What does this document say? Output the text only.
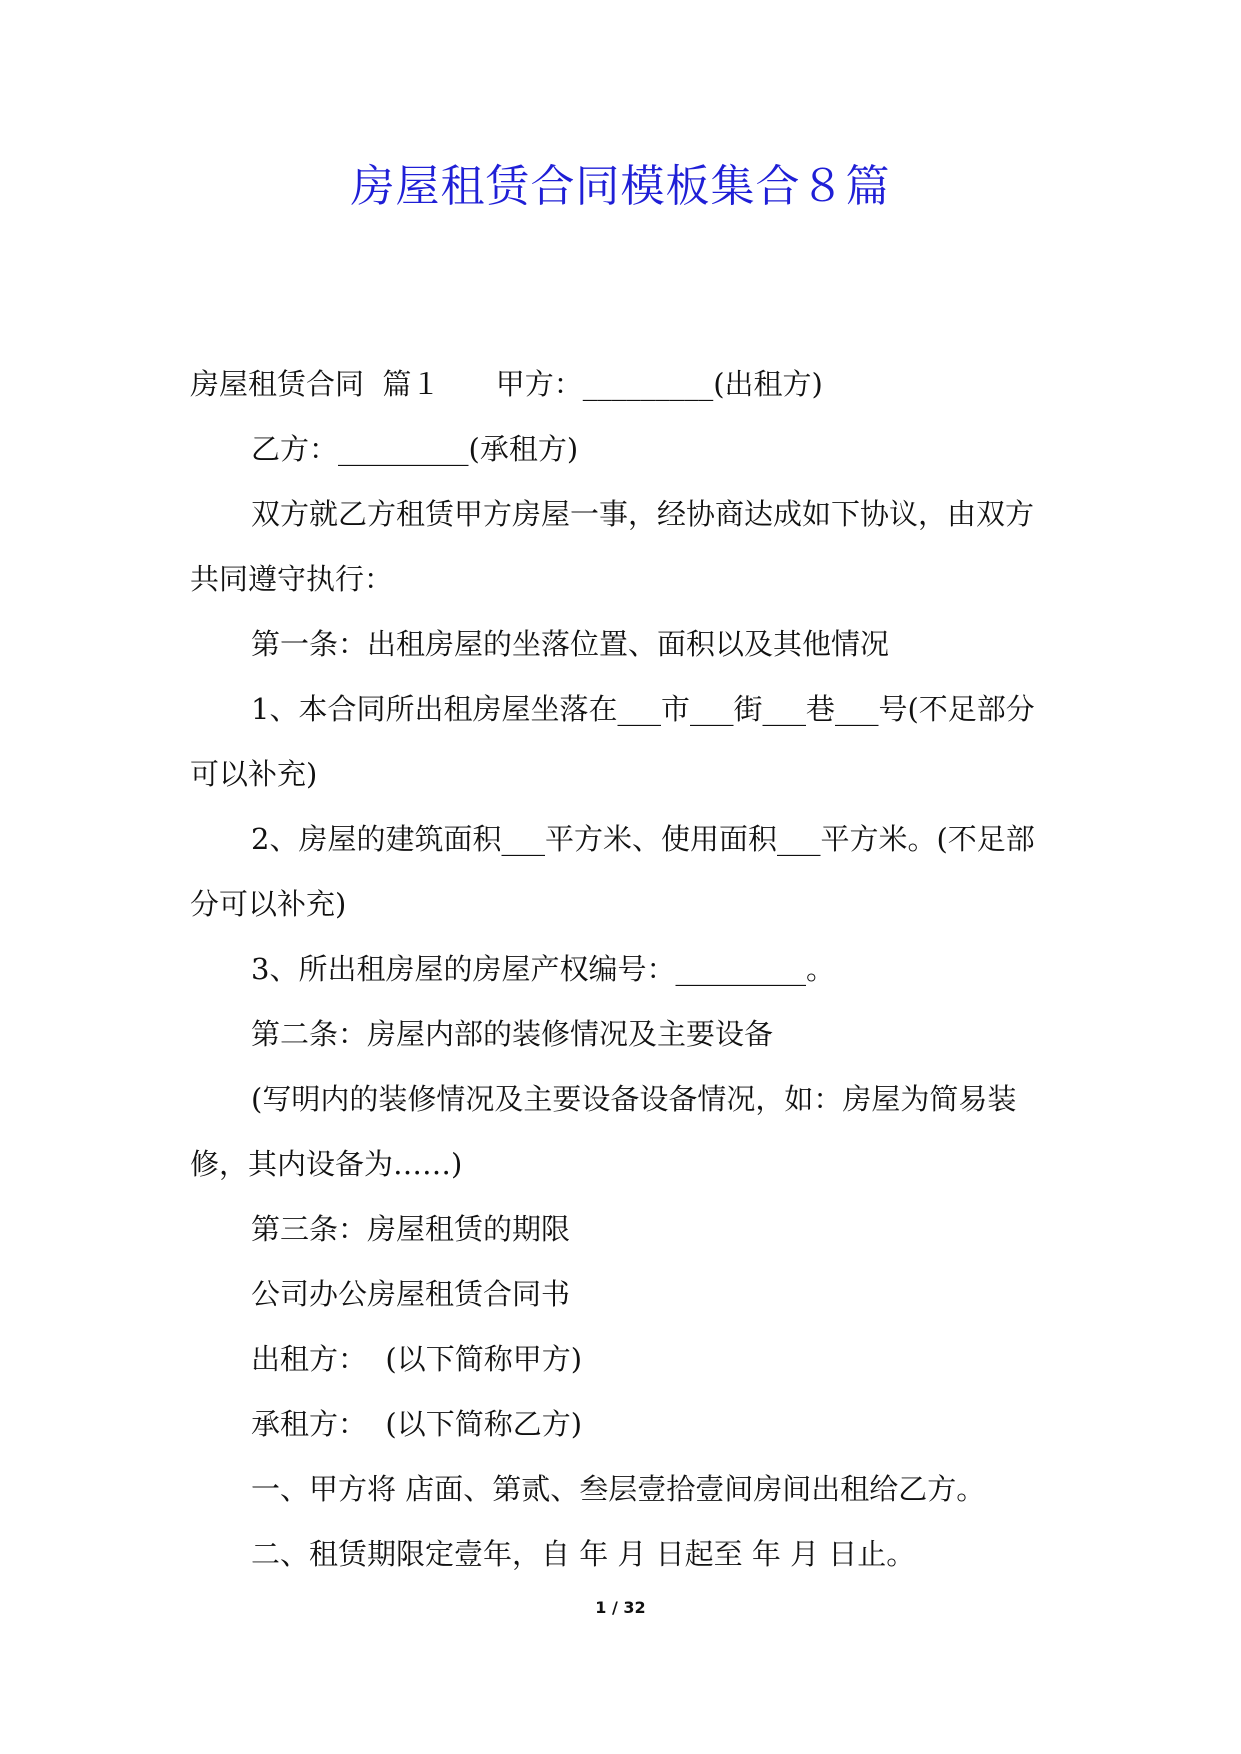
房屋租赁合同模板集合８篇

房屋租赁合同  篇１      甲方：_________(出租方)

乙方：_________(承租方)

双方就乙方租赁甲方房屋一事，经协商达成如下协议，由双方共同遵守执行：

第一条：出租房屋的坐落位置、面积以及其他情况

1、本合同所出租房屋坐落在___市___街___巷___号(不足部分可以补充)

2、房屋的建筑面积___平方米、使用面积___平方米。(不足部分可以补充)

3、所出租房屋的房屋产权编号：_________。

第二条：房屋内部的装修情况及主要设备

(写明内的装修情况及主要设备设备情况，如：房屋为简易装修，其内设备为……)

第三条：房屋租赁的期限

公司办公房屋租赁合同书

出租方：  (以下简称甲方)

承租方：  (以下简称乙方)

一、甲方将 店面、第贰、叁层壹拾壹间房间出租给乙方。

二、租赁期限定壹年，自 年 月 日起至 年 月 日止。

1 / 32
